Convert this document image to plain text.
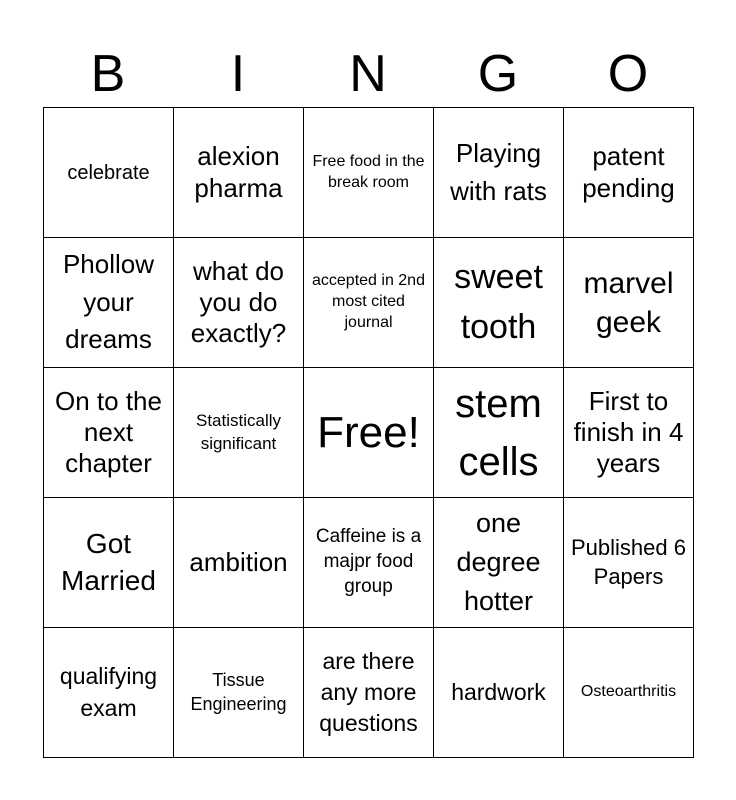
B	I	N	G	O
celebrate	alexion pharma	Free food in the break room	Playing with rats	patent pending
Phollow your dreams	what do you do exactly?	accepted in 2nd most cited journal	sweet tooth	marvel geek
On to the next chapter	Statistically significant	Free!	stem cells	First to finish in 4 years
Got Married	ambition	Caffeine is a majpr food group	one degree hotter	Published 6 Papers
qualifying exam	Tissue Engineering	are there any more questions	hardwork	Osteoarthritis
